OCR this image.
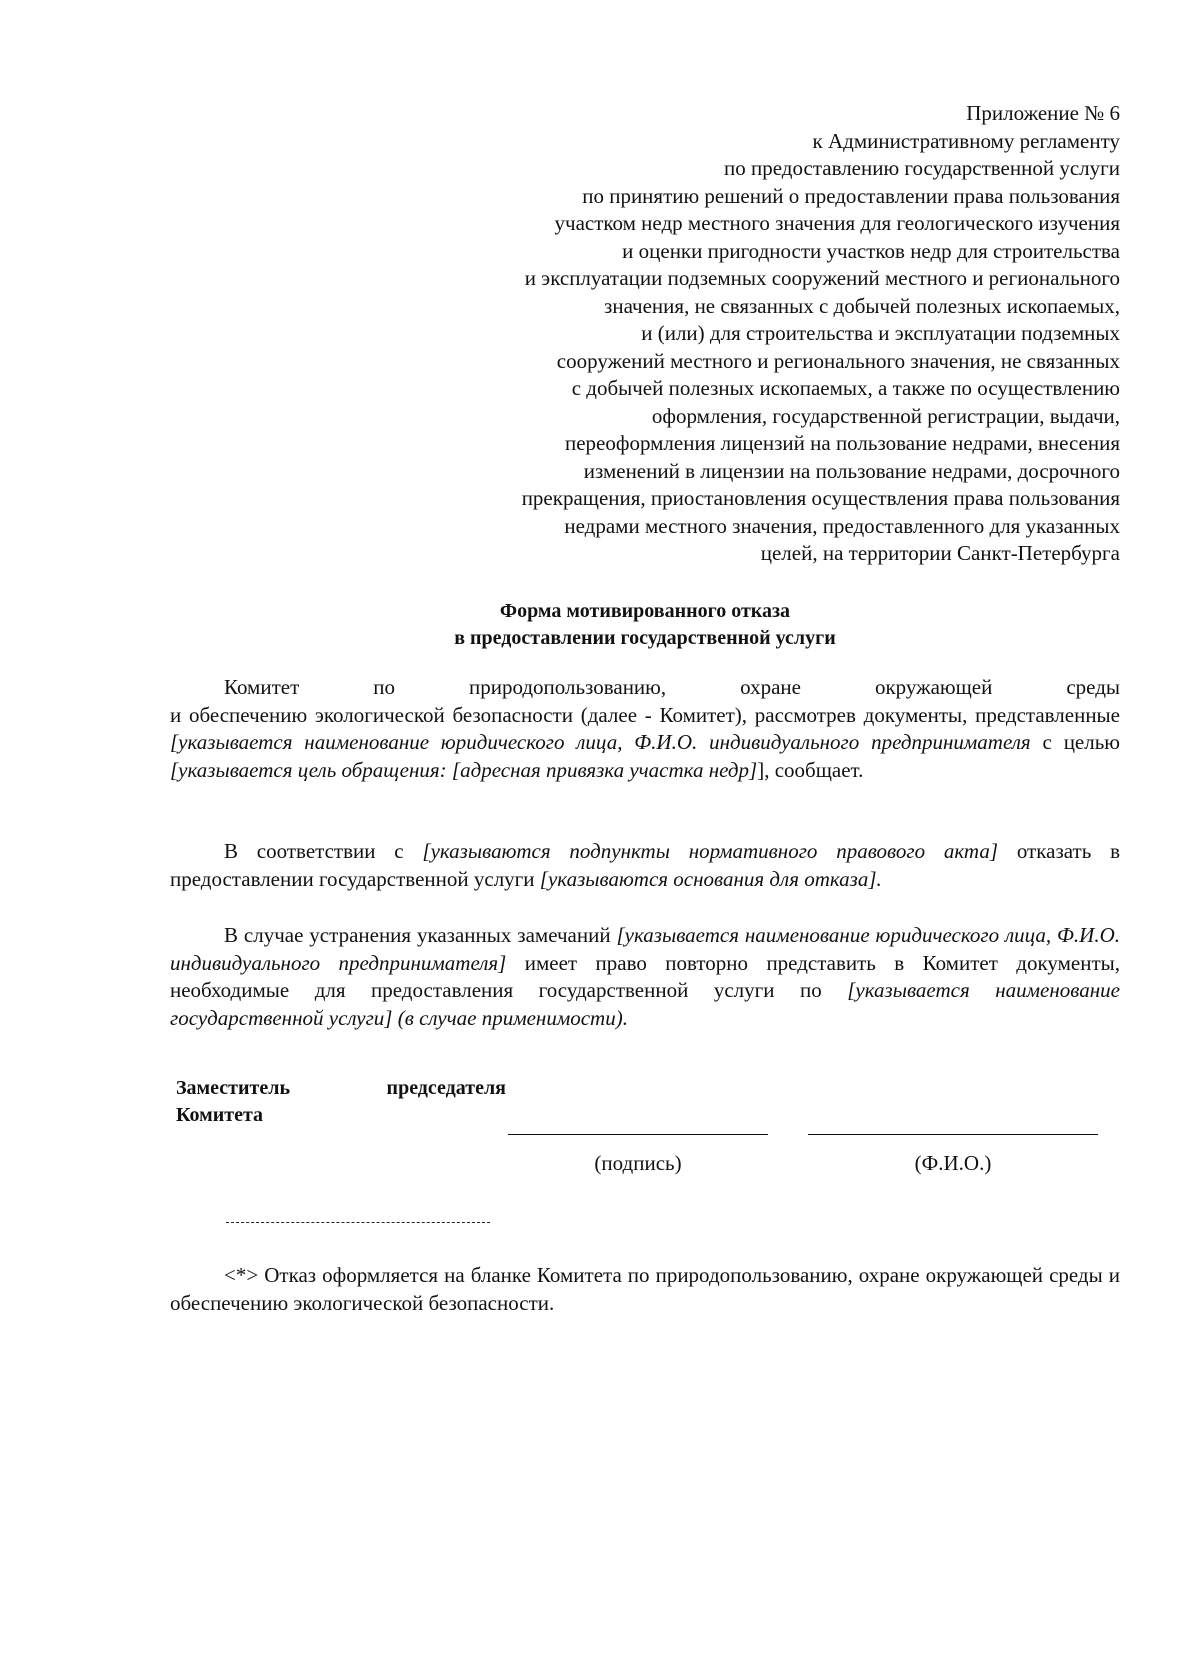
Приложение № 6
к Административному регламенту
по предоставлению государственной услуги
по принятию решений о предоставлении права пользования
участком недр местного значения для геологического изучения
и оценки пригодности участков недр для строительства
и эксплуатации подземных сооружений местного и регионального
значения, не связанных с добычей полезных ископаемых,
и (или) для строительства и эксплуатации подземных
сооружений местного и регионального значения, не связанных
с добычей полезных ископаемых, а также по осуществлению
оформления, государственной регистрации, выдачи,
переоформления лицензий на пользование недрами, внесения
изменений в лицензии на пользование недрами, досрочного
прекращения, приостановления осуществления права пользования
недрами местного значения, предоставленного для указанных
целей, на территории Санкт-Петербурга
Форма мотивированного отказа
в предоставлении государственной услуги
Комитет	по	природопользованию,	охране	окружающей	среды
и обеспечению экологической безопасности (далее - Комитет), рассмотрев документы, представленные [указывается наименование юридического лица, Ф.И.О. индивидуального предпринимателя с целью [указывается цель обращения: [адресная привязка участка недр]], сообщает.
В соответствии с [указываются подпункты нормативного правового акта] отказать в предоставлении государственной услуги [указываются основания для отказа].
В случае устранения указанных замечаний [указывается наименование юридического лица, Ф.И.О. индивидуального предпринимателя] имеет право повторно представить в Комитет документы, необходимые для предоставления государственной услуги по [указывается наименование государственной услуги] (в случае применимости).
Заместитель	председателя
Комитета
(подпись)	(Ф.И.О.)
<*> Отказ оформляется на бланке Комитета по природопользованию, охране окружающей среды и обеспечению экологической безопасности.
